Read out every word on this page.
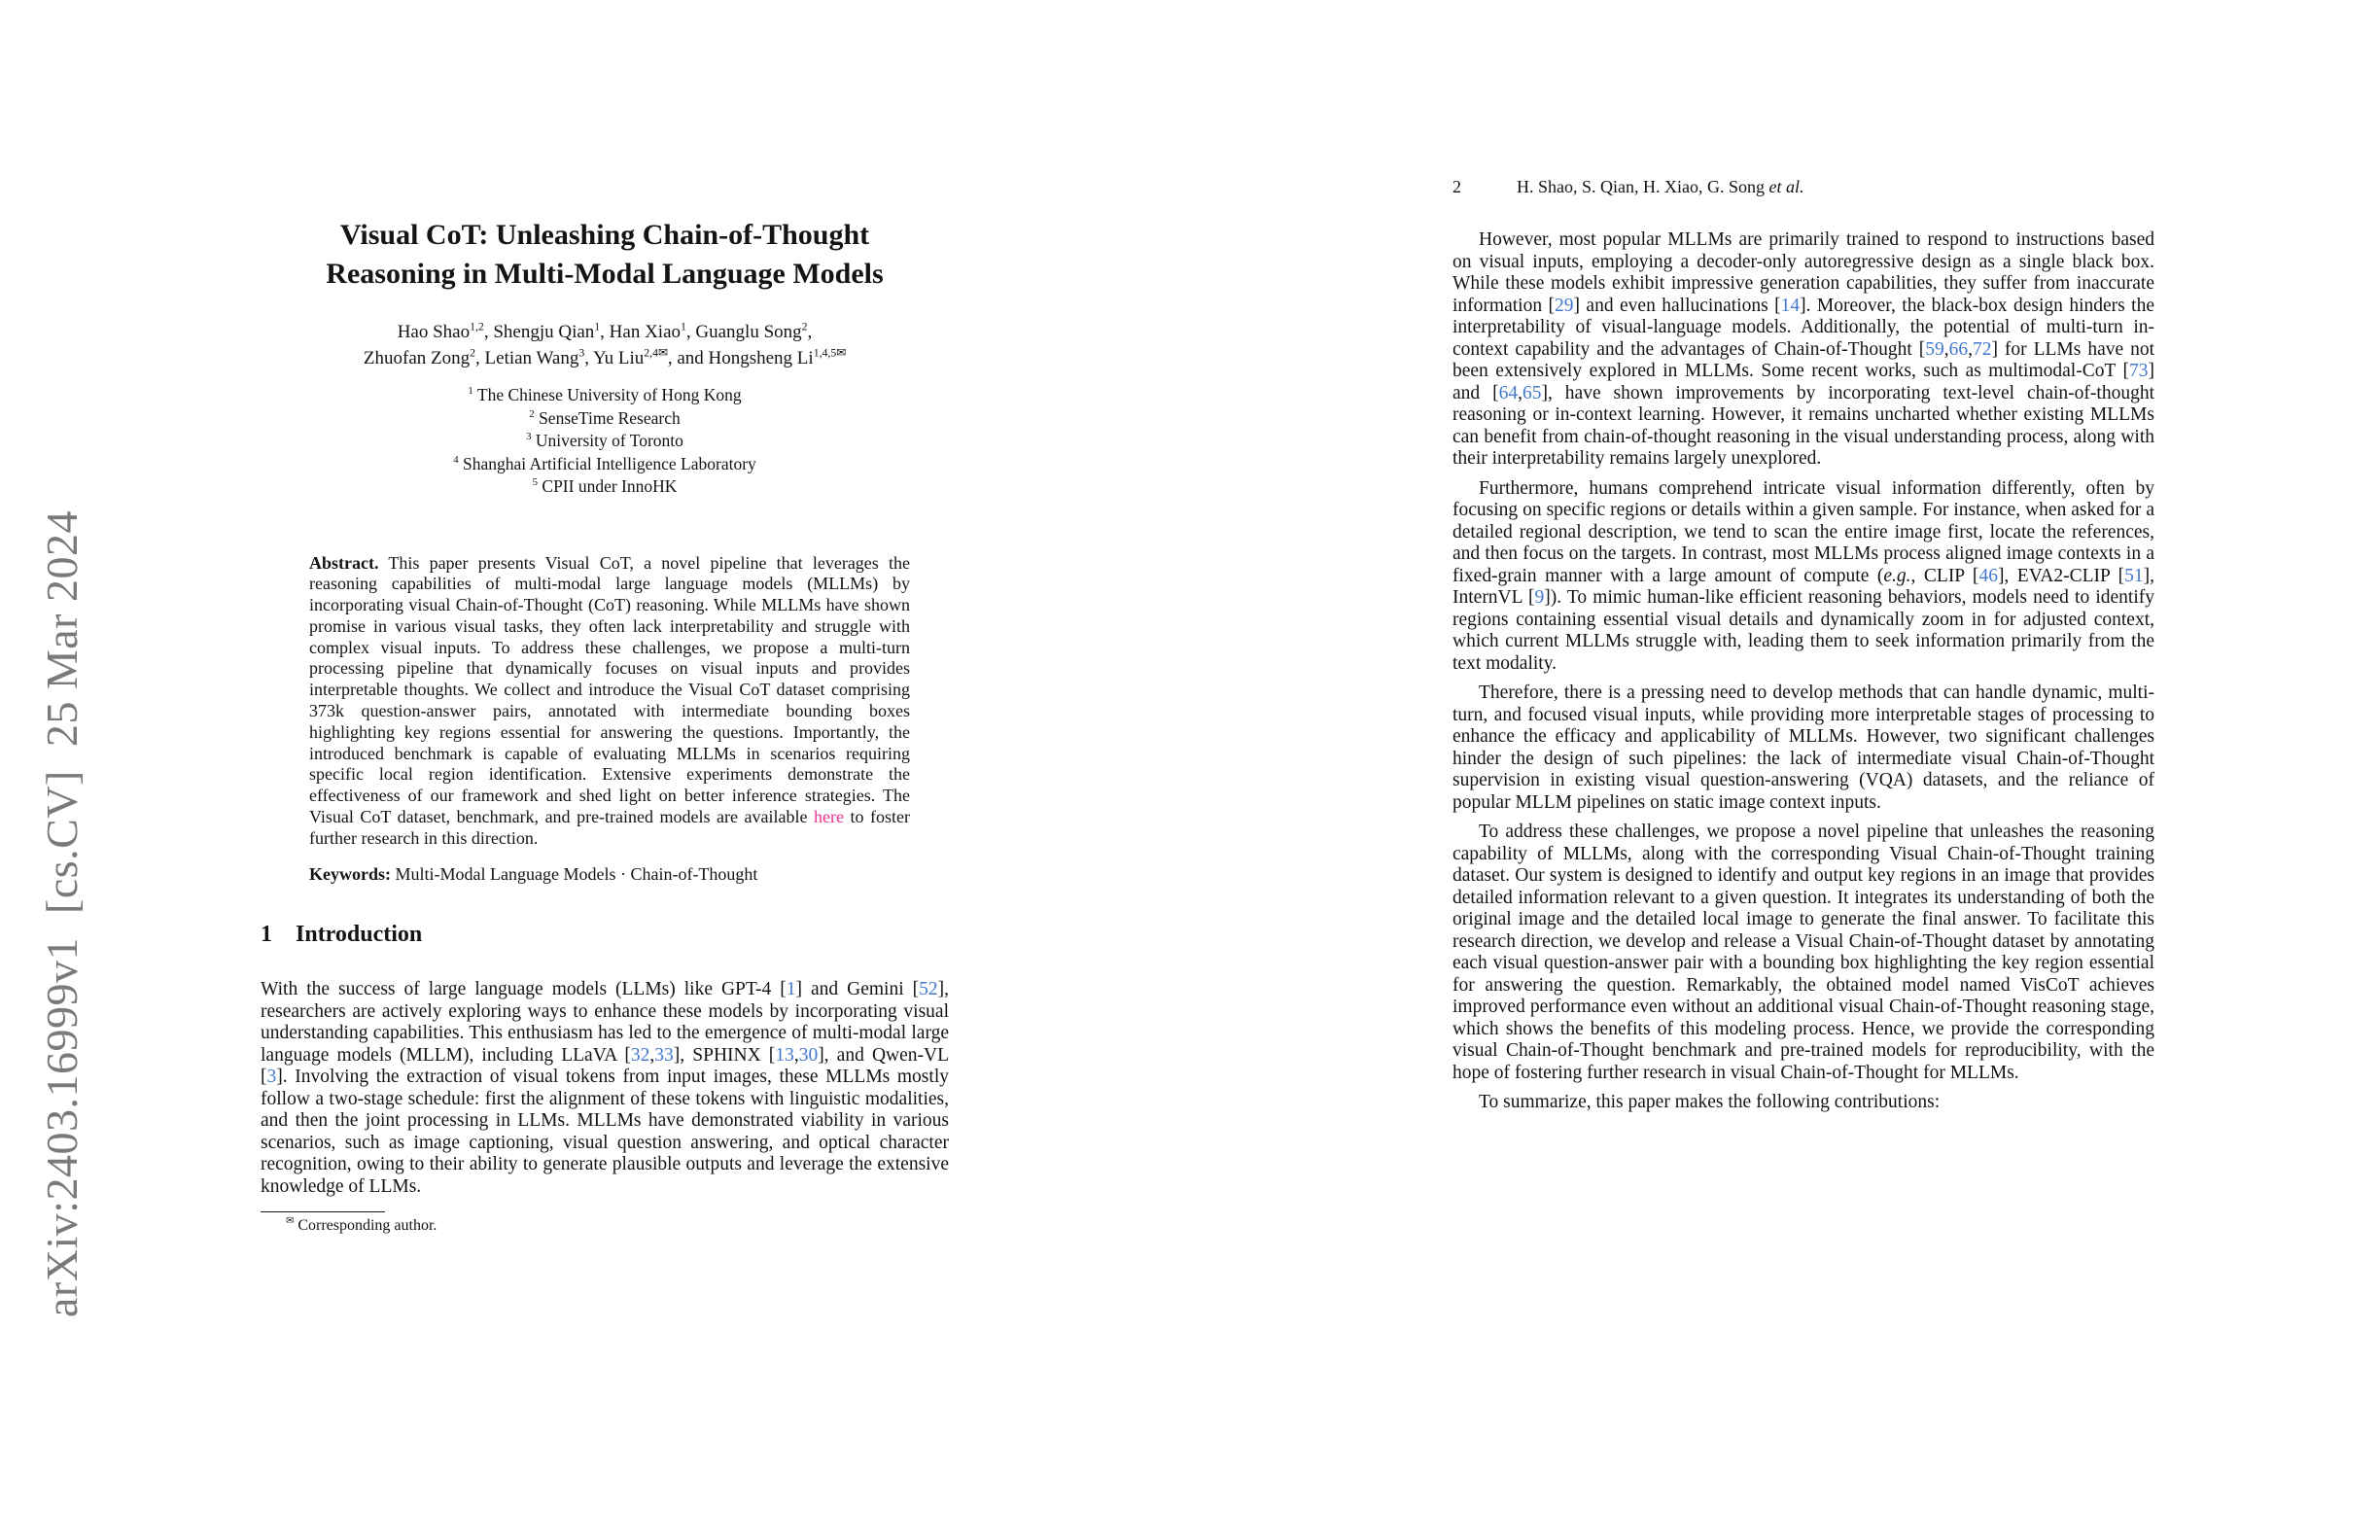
arXiv:2403.16999v1  [cs.CV]  25 Mar 2024
Visual CoT: Unleashing Chain-of-Thought
Reasoning in Multi-Modal Language Models
Hao Shao$^{1,2}$, Shengju Qian$^1$, Han Xiao$^1$, Guanglu Song$^2$,
Zhuofan Zong$^2$, Letian Wang$^3$, Yu Liu$^{2,4✉}$, and Hongsheng $Li^{1,4,5✉}$
$^1$ The Chinese University of Hong Kong
$^2$ SenseTime Research
$^3$ University of Toronto
$^4$ Shanghai Artificial Intelligence Laboratory
$^5$ CPII under InnoHK
Abstract. This paper presents Visual CoT, a novel pipeline that leverages the reasoning capabilities of multi-modal large language models (MLLMs) by incorporating visual Chain-of-Thought (CoT) reasoning. While MLLMs have shown promise in various visual tasks, they often lack interpretability and struggle with complex visual inputs. To address these challenges, we propose a multi-turn processing pipeline that dynamically focuses on visual inputs and provides interpretable thoughts. We collect and introduce the Visual CoT dataset comprising 373k question-answer pairs, annotated with intermediate bounding boxes highlighting key regions essential for answering the questions. Importantly, the introduced benchmark is capable of evaluating MLLMs in scenarios requiring specific local region identification. Extensive experiments demonstrate the effectiveness of our framework and shed light on better inference strategies. The Visual CoT dataset, benchmark, and pre-trained models are available here to foster further research in this direction.
Keywords: Multi-Modal Language Models · Chain-of-Thought
1 Introduction
With the success of large language models (LLMs) like GPT-4 [1] and Gemini [52], researchers are actively exploring ways to enhance these models by incorporating visual understanding capabilities. This enthusiasm has led to the emergence of multi-modal large language models (MLLM), including LLaVA [32,33], SPHINX [13,30], and Qwen-VL [3]. Involving the extraction of visual tokens from input images, these MLLMs mostly follow a two-stage schedule: first the alignment of these tokens with linguistic modalities, and then the joint processing in LLMs. MLLMs have demonstrated viability in various scenarios, such as image captioning, visual question answering, and optical character recognition, owing to their ability to generate plausible outputs and leverage the extensive knowledge of LLMs.
✉ Corresponding author.
2	H. Shao, S. Qian, H. Xiao, G. Song et al.
However, most popular MLLMs are primarily trained to respond to instructions based on visual inputs, employing a decoder-only autoregressive design as a single black box. While these models exhibit impressive generation capabilities, they suffer from inaccurate information [29] and even hallucinations [14]. Moreover, the black-box design hinders the interpretability of visual-language models. Additionally, the potential of multi-turn in-context capability and the advantages of Chain-of-Thought [59,66,72] for LLMs have not been extensively explored in MLLMs. Some recent works, such as multimodal-CoT [73] and [64,65], have shown improvements by incorporating text-level chain-of-thought reasoning or in-context learning. However, it remains uncharted whether existing MLLMs can benefit from chain-of-thought reasoning in the visual understanding process, along with their interpretability remains largely unexplored.
Furthermore, humans comprehend intricate visual information differently, often by focusing on specific regions or details within a given sample. For instance, when asked for a detailed regional description, we tend to scan the entire image first, locate the references, and then focus on the targets. In contrast, most MLLMs process aligned image contexts in a fixed-grain manner with a large amount of compute (e.g., CLIP [46], EVA2-CLIP [51], InternVL [9]). To mimic human-like efficient reasoning behaviors, models need to identify regions containing essential visual details and dynamically zoom in for adjusted context, which current MLLMs struggle with, leading them to seek information primarily from the text modality.
Therefore, there is a pressing need to develop methods that can handle dynamic, multi-turn, and focused visual inputs, while providing more interpretable stages of processing to enhance the efficacy and applicability of MLLMs. However, two significant challenges hinder the design of such pipelines: the lack of intermediate visual Chain-of-Thought supervision in existing visual question-answering (VQA) datasets, and the reliance of popular MLLM pipelines on static image context inputs.
To address these challenges, we propose a novel pipeline that unleashes the reasoning capability of MLLMs, along with the corresponding Visual Chain-of-Thought training dataset. Our system is designed to identify and output key regions in an image that provides detailed information relevant to a given question. It integrates its understanding of both the original image and the detailed local image to generate the final answer. To facilitate this research direction, we develop and release a Visual Chain-of-Thought dataset by annotating each visual question-answer pair with a bounding box highlighting the key region essential for answering the question. Remarkably, the obtained model named VisCoT achieves improved performance even without an additional visual Chain-of-Thought reasoning stage, which shows the benefits of this modeling process. Hence, we provide the corresponding visual Chain-of-Thought benchmark and pre-trained models for reproducibility, with the hope of fostering further research in visual Chain-of-Thought for MLLMs.
To summarize, this paper makes the following contributions:
